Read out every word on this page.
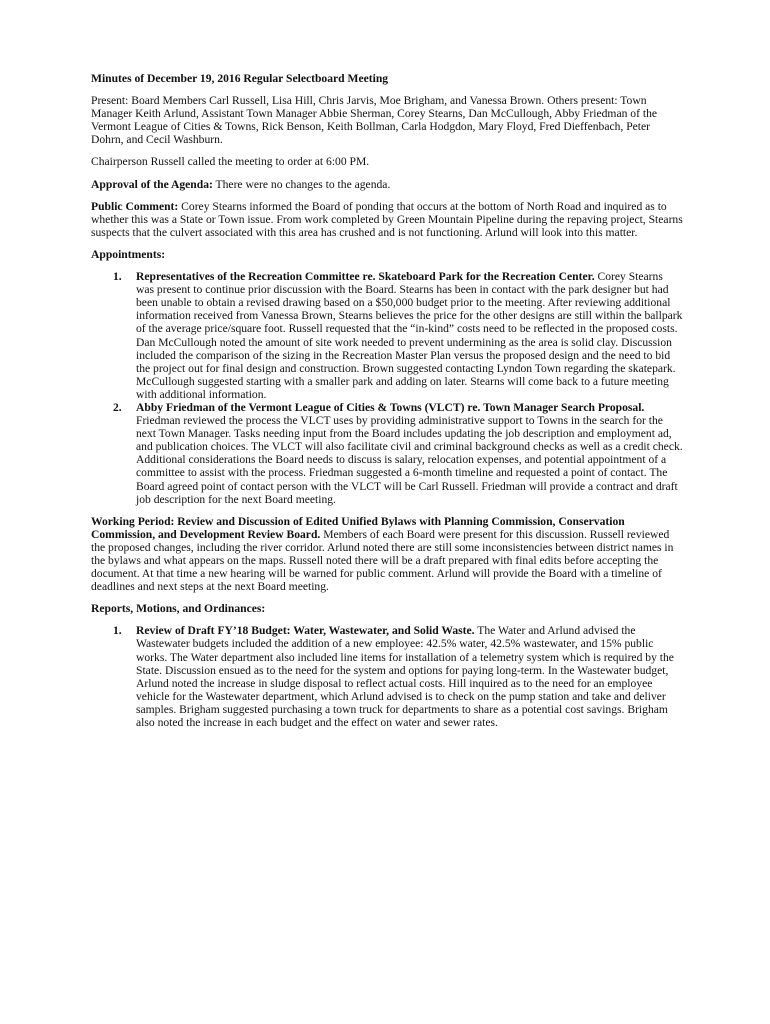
Minutes of December 19, 2016 Regular Selectboard Meeting

Present: Board Members Carl Russell, Lisa Hill, Chris Jarvis, Moe Brigham, and Vanessa Brown. Others present: Town Manager Keith Arlund, Assistant Town Manager Abbie Sherman, Corey Stearns, Dan McCullough, Abby Friedman of the Vermont League of Cities & Towns, Rick Benson, Keith Bollman, Carla Hodgdon, Mary Floyd, Fred Dieffenbach, Peter Dohrn, and Cecil Washburn.

Chairperson Russell called the meeting to order at 6:00 PM.

Approval of the Agenda: There were no changes to the agenda.

Public Comment: Corey Stearns informed the Board of ponding that occurs at the bottom of North Road and inquired as to whether this was a State or Town issue. From work completed by Green Mountain Pipeline during the repaving project, Stearns suspects that the culvert associated with this area has crushed and is not functioning. Arlund will look into this matter.

Appointments:
1. Representatives of the Recreation Committee re. Skateboard Park for the Recreation Center. Corey Stearns was present to continue prior discussion with the Board. Stearns has been in contact with the park designer but had been unable to obtain a revised drawing based on a $50,000 budget prior to the meeting. After reviewing additional information received from Vanessa Brown, Stearns believes the price for the other designs are still within the ballpark of the average price/square foot. Russell requested that the “in-kind” costs need to be reflected in the proposed costs. Dan McCullough noted the amount of site work needed to prevent undermining as the area is solid clay. Discussion included the comparison of the sizing in the Recreation Master Plan versus the proposed design and the need to bid the project out for final design and construction. Brown suggested contacting Lyndon Town regarding the skatepark. McCullough suggested starting with a smaller park and adding on later. Stearns will come back to a future meeting with additional information.
2. Abby Friedman of the Vermont League of Cities & Towns (VLCT) re. Town Manager Search Proposal. Friedman reviewed the process the VLCT uses by providing administrative support to Towns in the search for the next Town Manager. Tasks needing input from the Board includes updating the job description and employment ad, and publication choices. The VLCT will also facilitate civil and criminal background checks as well as a credit check. Additional considerations the Board needs to discuss is salary, relocation expenses, and potential appointment of a committee to assist with the process. Friedman suggested a 6-month timeline and requested a point of contact. The Board agreed point of contact person with the VLCT will be Carl Russell. Friedman will provide a contract and draft job description for the next Board meeting.

Working Period: Review and Discussion of Edited Unified Bylaws with Planning Commission, Conservation Commission, and Development Review Board. Members of each Board were present for this discussion. Russell reviewed the proposed changes, including the river corridor. Arlund noted there are still some inconsistencies between district names in the bylaws and what appears on the maps. Russell noted there will be a draft prepared with final edits before accepting the document. At that time a new hearing will be warned for public comment. Arlund will provide the Board with a timeline of deadlines and next steps at the next Board meeting.

Reports, Motions, and Ordinances:
1. Review of Draft FY’18 Budget: Water, Wastewater, and Solid Waste. The Water and Arlund advised the Wastewater budgets included the addition of a new employee: 42.5% water, 42.5% wastewater, and 15% public works. The Water department also included line items for installation of a telemetry system which is required by the State. Discussion ensued as to the need for the system and options for paying long-term. In the Wastewater budget, Arlund noted the increase in sludge disposal to reflect actual costs. Hill inquired as to the need for an employee vehicle for the Wastewater department, which Arlund advised is to check on the pump station and take and deliver samples. Brigham suggested purchasing a town truck for departments to share as a potential cost savings. Brigham also noted the increase in each budget and the effect on water and sewer rates.
